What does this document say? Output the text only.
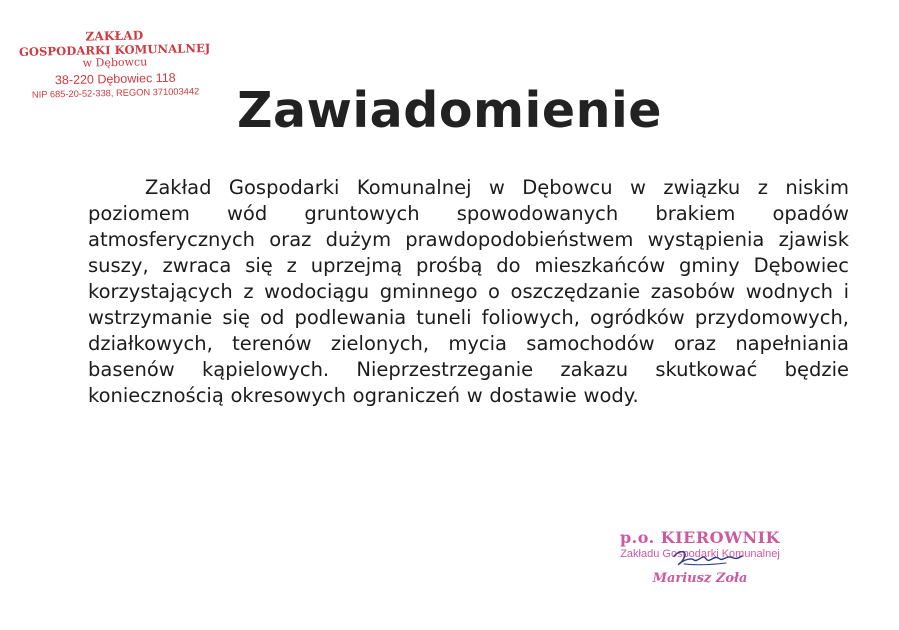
ZAKŁAD
GOSPODARKI KOMUNALNEJ
w Dębowcu
38-220 Dębowiec 118
NIP 685-20-52-338, REGON 371003442 Zawiadomienie

Zakład Gospodarki Komunalnej w Dębowcu w związku z niskim poziomem wód gruntowych spowodowanych brakiem opadów atmosferycznych oraz dużym prawdopodobieństwem wystąpienia zjawisk suszy, zwraca się z uprzejmą prośbą do mieszkańców gminy Dębowiec korzystających z wodociągu gminnego o oszczędzanie zasobów wodnych i wstrzymanie się od podlewania tuneli foliowych, ogródków przydomowych, działkowych, terenów zielonych, mycia samochodów oraz napełniania basenów kąpielowych. Nieprzestrzeganie zakazu skutkować będzie koniecznością okresowych ograniczeń w dostawie wody.

p.o. KIEROWNIK
Zakładu Gospodarki Komunalnej
Mariusz Zoła
